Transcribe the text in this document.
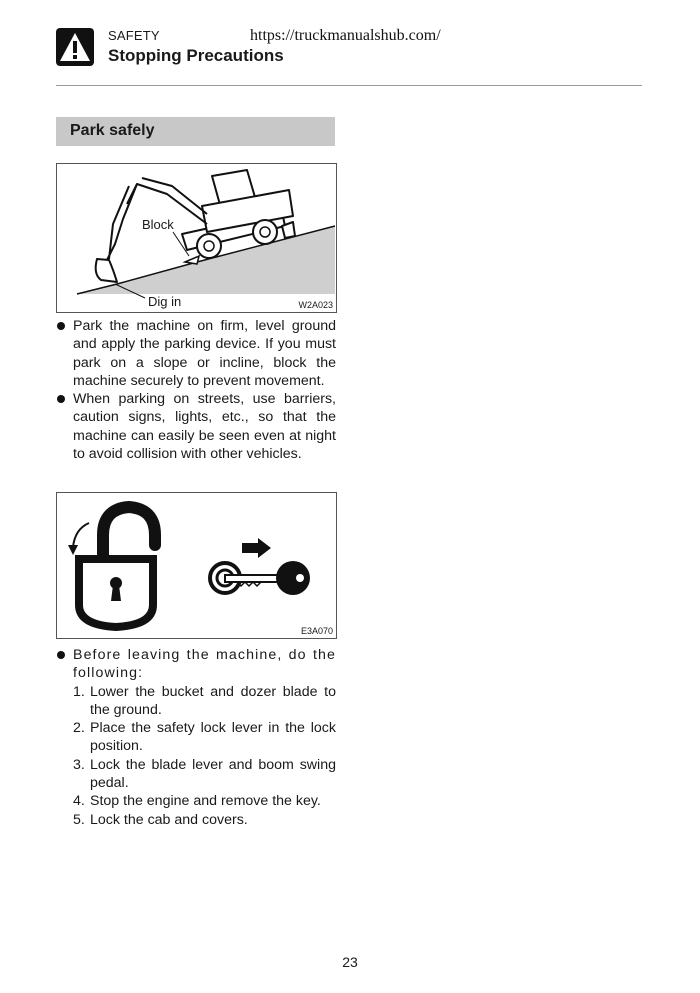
SAFETY	https://truckmanualshub.com/
Stopping Precautions
Park safely
Block
Dig in	W2A023
Park the machine on firm, level ground and apply the parking device. If you must park on a slope or incline, block the machine securely to prevent movement.
When parking on streets, use barriers, caution signs, lights, etc., so that the machine can easily be seen even at night to avoid collision with other vehicles.
E3A070
Before leaving the machine, do the following:
1. Lower the bucket and dozer blade to the ground.
2. Place the safety lock lever in the lock position.
3. Lock the blade lever and boom swing pedal.
4. Stop the engine and remove the key.
5. Lock the cab and covers.
23
